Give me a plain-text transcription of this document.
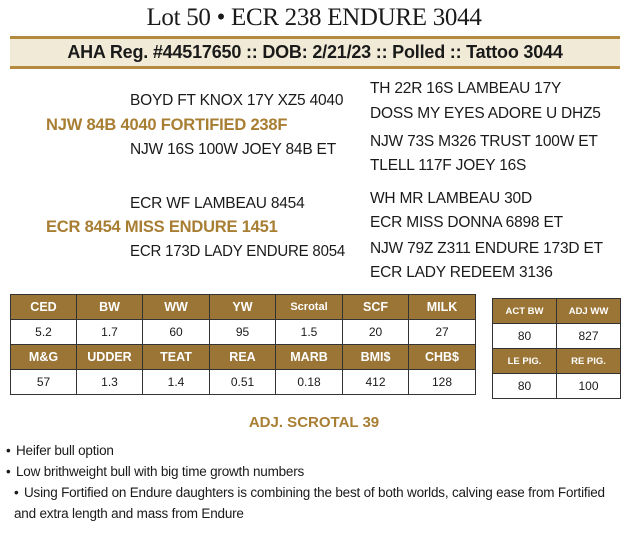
Lot 50 • ECR 238 ENDURE 3044
AHA Reg. #44517650 :: DOB: 2/21/23 :: Polled :: Tattoo 3044
BOYD FT KNOX 17Y XZ5 4040
NJW 84B 4040 FORTIFIED 238F
NJW 16S 100W JOEY 84B ET
TH 22R 16S LAMBEAU 17Y
DOSS MY EYES ADORE U DHZ5
NJW 73S M326 TRUST 100W ET
TLELL 117F JOEY 16S
ECR WF LAMBEAU 8454
ECR 8454 MISS ENDURE 1451
ECR 173D LADY ENDURE 8054
WH MR LAMBEAU 30D
ECR MISS DONNA 6898 ET
NJW 79Z Z311 ENDURE 173D ET
ECR LADY REDEEM 3136
CED	BW	WW	YW	Scrotal	SCF	MILK
5.2	1.7	60	95	1.5	20	27
M&G	UDDER	TEAT	REA	MARB	BMI$	CHB$
57	1.3	1.4	0.51	0.18	412	128
ACT BW	ADJ WW
80	827
LE PIG.	RE PIG.
80	100
ADJ. SCROTAL 39
• Heifer bull option
• Low brithweight bull with big time growth numbers
• Using Fortified on Endure daughters is combining the best of both worlds, calving ease from Fortified and extra length and mass from Endure
